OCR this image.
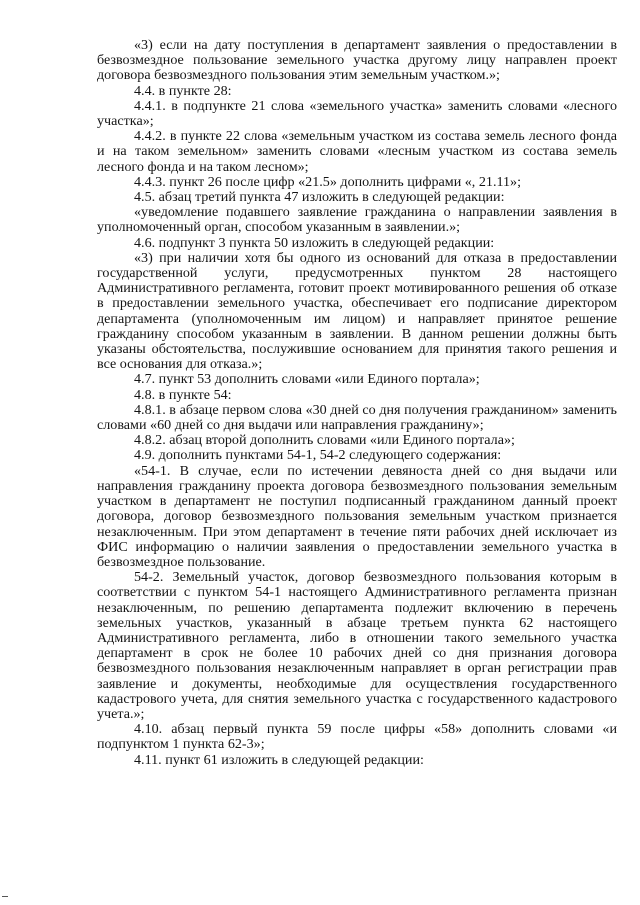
«3) если на дату поступления в департамент заявления о предоставлении в безвозмездное пользование земельного участка другому лицу направлен проект договора безвозмездного пользования этим земельным участком.»;

4.4. в пункте 28:

4.4.1. в подпункте 21 слова «земельного участка» заменить словами «лесного участка»;

4.4.2. в пункте 22 слова «земельным участком из состава земель лесного фонда и на таком земельном» заменить словами «лесным участком из состава земель лесного фонда и на таком лесном»;

4.4.3. пункт 26 после цифр «21.5» дополнить цифрами «, 21.11»;

4.5. абзац третий пункта 47 изложить в следующей редакции:

«уведомление подавшего заявление гражданина о направлении заявления в уполномоченный орган, способом указанным в заявлении.»;

4.6. подпункт 3 пункта 50 изложить в следующей редакции:

«3) при наличии хотя бы одного из оснований для отказа в предоставлении государственной услуги, предусмотренных пунктом 28 настоящего Административного регламента, готовит проект мотивированного решения об отказе в предоставлении земельного участка, обеспечивает его подписание директором департамента (уполномоченным им лицом) и направляет принятое решение гражданину способом указанным в заявлении. В данном решении должны быть указаны обстоятельства, послужившие основанием для принятия такого решения и все основания для отказа.»;

4.7. пункт 53 дополнить словами «или Единого портала»;

4.8. в пункте 54:

4.8.1. в абзаце первом слова «30 дней со дня получения гражданином» заменить словами «60 дней со дня выдачи или направления гражданину»;

4.8.2. абзац второй дополнить словами «или Единого портала»;

4.9. дополнить пунктами 54-1, 54-2 следующего содержания:

«54-1. В случае, если по истечении девяноста дней со дня выдачи или направления гражданину проекта договора безвозмездного пользования земельным участком в департамент не поступил подписанный гражданином данный проект договора, договор безвозмездного пользования земельным участком признается незаключенным. При этом департамент в течение пяти рабочих дней исключает из ФИС информацию о наличии заявления о предоставлении земельного участка в безвозмездное пользование.

54-2. Земельный участок, договор безвозмездного пользования которым в соответствии с пунктом 54-1 настоящего Административного регламента признан незаключенным, по решению департамента подлежит включению в перечень земельных участков, указанный в абзаце третьем пункта 62 настоящего Административного регламента, либо в отношении такого земельного участка департамент в срок не более 10 рабочих дней со дня признания договора безвозмездного пользования незаключенным направляет в орган регистрации прав заявление и документы, необходимые для осуществления государственного кадастрового учета, для снятия земельного участка с государственного кадастрового учета.»;

4.10. абзац первый пункта 59 после цифры «58» дополнить словами «и подпунктом 1 пункта 62-3»;

4.11. пункт 61 изложить в следующей редакции:
